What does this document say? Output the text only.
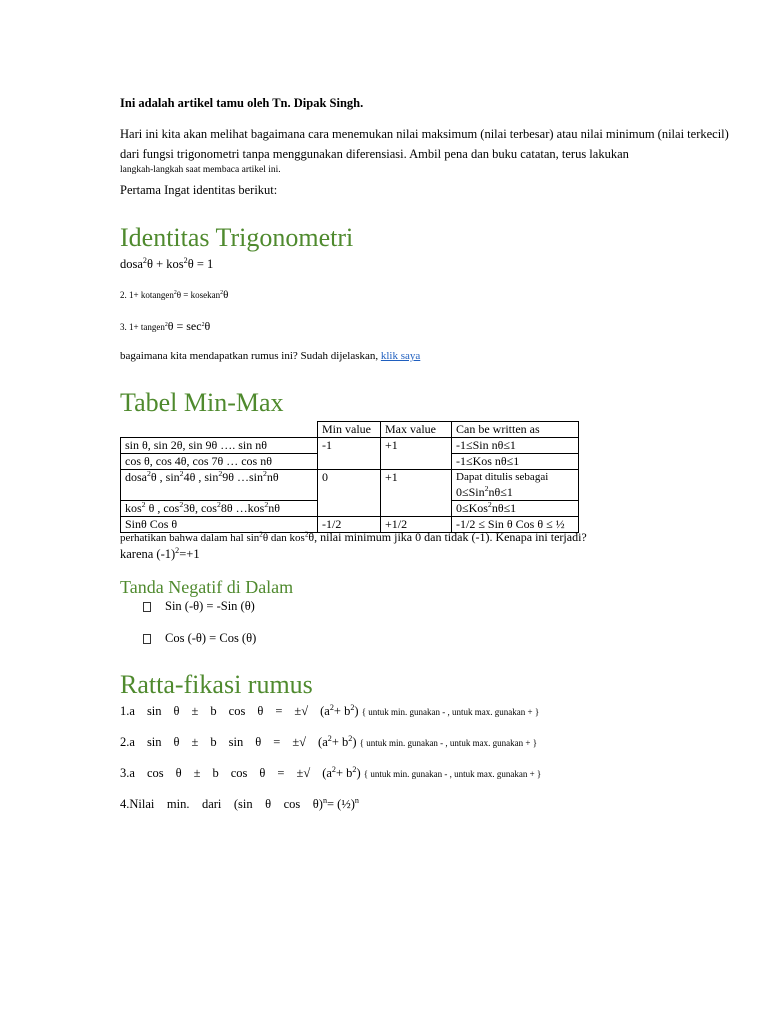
Ini adalah artikel tamu oleh Tn. Dipak Singh.
Hari ini kita akan melihat bagaimana cara menemukan nilai maksimum (nilai terbesar) atau nilai minimum (nilai terkecil)
dari fungsi trigonometri tanpa menggunakan diferensiasi. Ambil pena dan buku catatan, terus lakukan
langkah-langkah saat membaca artikel ini.
Pertama Ingat identitas berikut:
Identitas Trigonometri
dosa$^2$θ + kos$^2$θ = 1
2. 1+ kotangen$^2$θ = kosekan$^2$θ
3. 1+ tangen$^2$θ = $\sec^2\theta$
bagaimana kita mendapatkan rumus ini? Sudah dijelaskan, klik saya
Tabel Min-Max
	Min value	Max value	Can be written as
sin θ, sin 2θ, sin 9θ …. sin nθ	-1	+1	-1≤Sin nθ≤1
cos θ, cos 4θ, cos 7θ … cos nθ			-1≤Kos nθ≤1
dosa$^2$θ , $\sin^24\theta$ , $\sin^29\theta$ $\dots\sin^2n\theta$	0	+1	Dapat ditulis sebagai
0≤Sin$^2$nθ≤1

kos$^2$ θ , $\cos^23\theta$, $\cos^28\theta$ …kos$^2$nθ			0≤Kos$^2$nθ≤1
Sinθ Cos θ	-1/2	+1/2	-1/2 ≤ Sin θ Cos θ ≤ ½
perhatikan bahwa dalam hal $\sin^2\theta$ dan kos$^2$θ, nilai minimum jika 0 dan tidak (-1). Kenapa ini terjadi?
karena $(-1)^2=+1$
Tanda Negatif di Dalam
Sin (-θ) = -Sin (θ)
Cos (-θ) = Cos (θ)
Ratta-fikasi rumus
1.a sin θ ± b cos θ = ±√ $(a^2+ b^2)$ { untuk min. gunakan - , untuk max. gunakan + }
2.a sin θ ± b sin θ = ±√ $(a^2+ b^2)$ { untuk min. gunakan - , untuk max. gunakan + }
3.a cos θ ± b cos θ = ±√ $(a^2+ b^2)$ { untuk min. gunakan - , untuk max. gunakan + }
4.Nilai    min.    dari    (sin    θ    cos    θ)$^n$= (½)$^n$
